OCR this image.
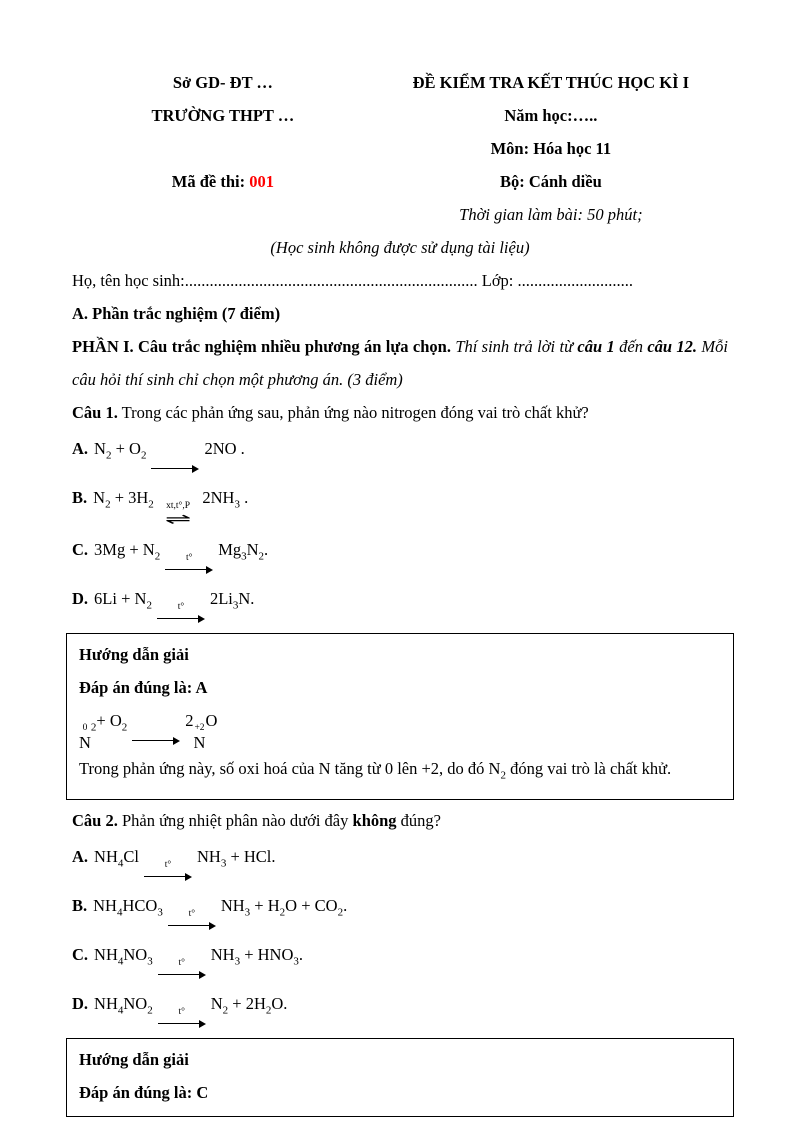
Sở GD- ĐT …
TRƯỜNG THPT …
Mã đề thi: 001
ĐỀ KIỂM TRA KẾT THÚC HỌC KÌ I
Năm học:…..
Môn: Hóa học 11
Bộ: Cánh diều
Thời gian làm bài: 50 phút;
(Học sinh không được sử dụng tài liệu)
Họ, tên học sinh:....................................................................... Lớp: ............................
A. Phần trắc nghiệm (7 điểm)
PHẦN I. Câu trắc nghiệm nhiều phương án lựa chọn. Thí sinh trả lời từ câu 1 đến câu 12. Mỗi câu hỏi thí sinh chỉ chọn một phương án. (3 điểm)
Câu 1. Trong các phản ứng sau, phản ứng nào nitrogen đóng vai trò chất khử?
A. $N_2 + O_2$	2NO .
B. $N_2 + 3H_2$ xt,t°,P
⇌
$2NH_3$ .
C. $3Mg + N_2$	t° $Mg_3N_2$.
D. $6Li + N_2$	t° $2Li_3N$.
Hướng dẫn giải
Đáp án đúng là: A
0
N
$_2+ O_2$	2 +2
N
O
Trong phản ứng này, số oxi hoá của N tăng từ 0 lên +2, do đó $N_2$ đóng vai trò là chất khử.
Câu 2. Phản ứng nhiệt phân nào dưới đây không đúng?
A. $NH_4Cl$	t° $NH_3$ + HCl.
B. $NH_4HCO_3$	t° $NH_3 + H_2O + CO_2$.
C. $NH_4NO_3$	t° $NH_3 + HNO_3$.
D. $NH_4NO_2$	t° $N_2 + 2H_2O$.
Hướng dẫn giải
Đáp án đúng là: C
